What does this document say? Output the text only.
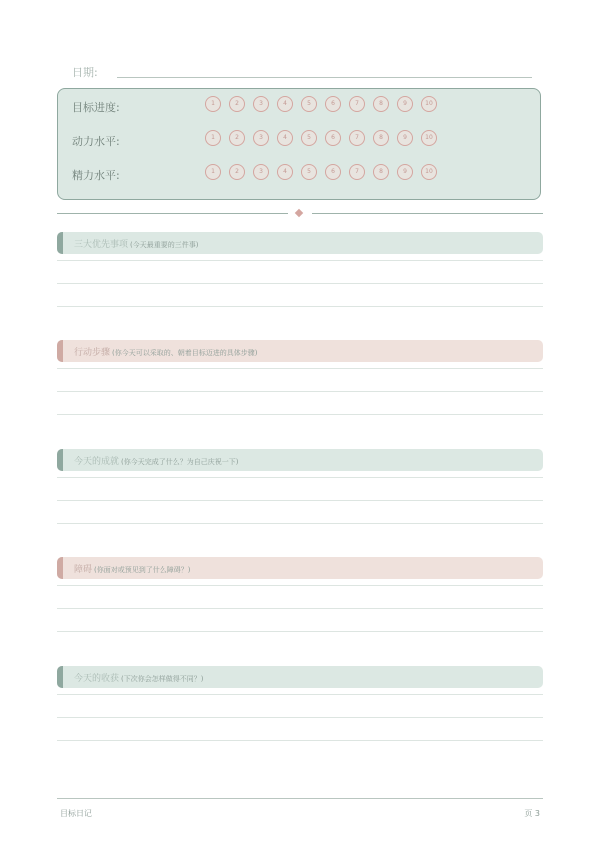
日期:
目标进度:	1	2	3	4	5	6	7	8	9	10
动力水平:	1	2	3	4	5	6	7	8	9	10
精力水平:	1	2	3	4	5	6	7	8	9	10
三大优先事项 (今天最重要的三件事)
行动步骤 (你今天可以采取的、朝着目标迈进的具体步骤)
今天的成就 (你今天完成了什么？为自己庆祝一下)
障碍 (你面对或预见到了什么障碍？)
今天的收获 (下次你会怎样做得不同？)
目标日记	页 3
